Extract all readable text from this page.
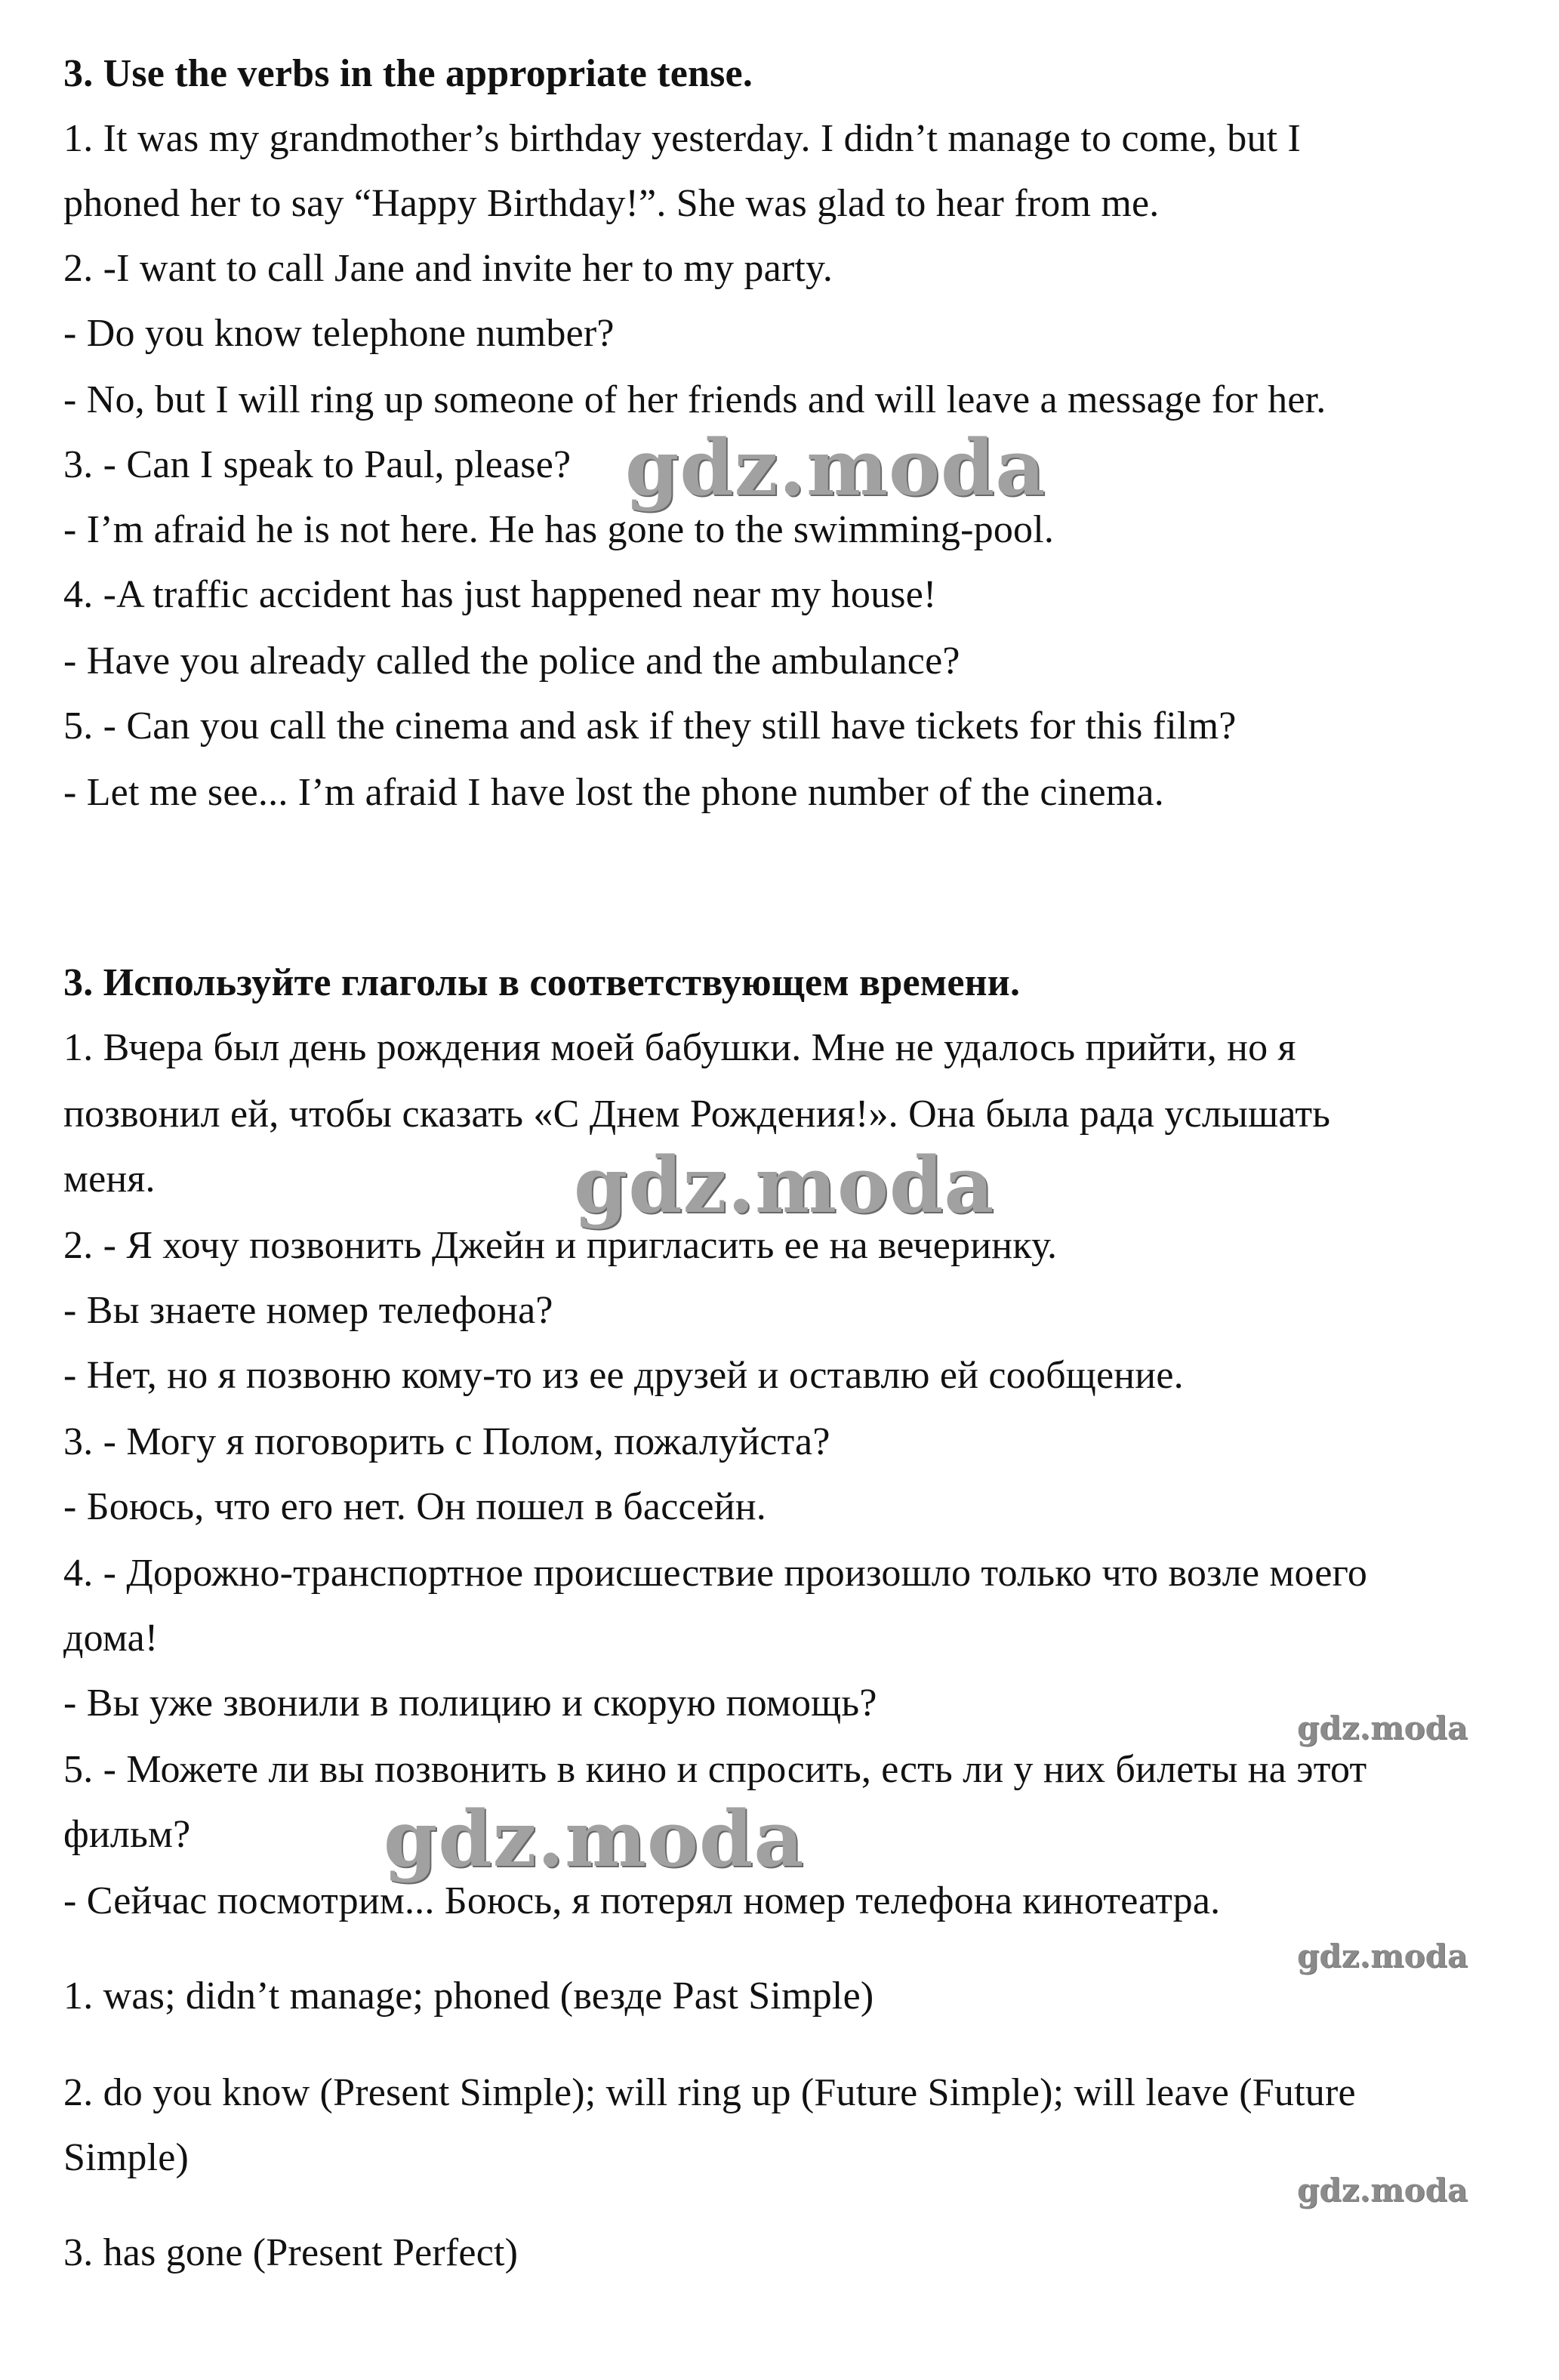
3. Use the verbs in the appropriate tense.
1. It was my grandmother’s birthday yesterday. I didn’t manage to come, but I
phoned her to say “Happy Birthday!”. She was glad to hear from me.
2. -I want to call Jane and invite her to my party.
- Do you know telephone number?
- No, but I will ring up someone of her friends and will leave a message for her.
3. - Can I speak to Paul, please?
- I’m afraid he is not here. He has gone to the swimming-pool.
4. -A traffic accident has just happened near my house!
- Have you already called the police and the ambulance?
5. - Can you call the cinema and ask if they still have tickets for this film?
- Let me see... I’m afraid I have lost the phone number of the cinema.
3. Используйте глаголы в соответствующем времени.
1. Вчера был день рождения моей бабушки. Мне не удалось прийти, но я
позвонил ей, чтобы сказать «С Днем Рождения!». Она была рада услышать
меня.
2. - Я хочу позвонить Джейн и пригласить ее на вечеринку.
- Вы знаете номер телефона?
- Нет, но я позвоню кому-то из ее друзей и оставлю ей сообщение.
3. - Могу я поговорить с Полом, пожалуйста?
- Боюсь, что его нет. Он пошел в бассейн.
4. - Дорожно-транспортное происшествие произошло только что возле моего
дома!
- Вы уже звонили в полицию и скорую помощь?
5. - Можете ли вы позвонить в кино и спросить, есть ли у них билеты на этот
фильм?
- Сейчас посмотрим... Боюсь, я потерял номер телефона кинотеатра.
1. was; didn’t manage; phoned (везде Past Simple)
2. do you know (Present Simple); will ring up (Future Simple); will leave (Future
Simple)
3. has gone (Present Perfect)
gdz.moda
gdz.moda
gdz.moda
gdz.moda
gdz.moda
gdz.moda
